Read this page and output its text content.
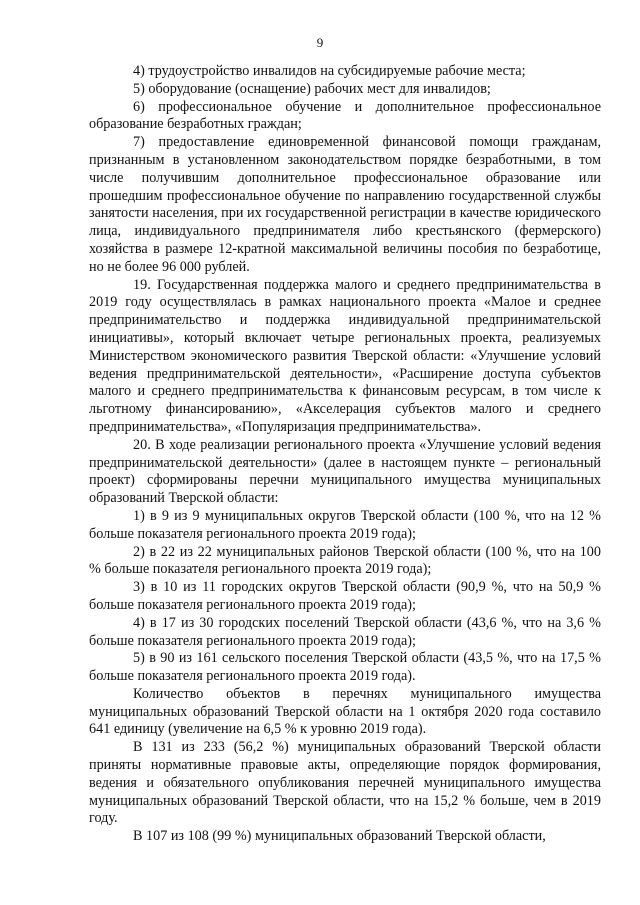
9

4) трудоустройство инвалидов на субсидируемые рабочие места;

5) оборудование (оснащение) рабочих мест для инвалидов;

6) профессиональное обучение и дополнительное профессиональное образование безработных граждан;

7) предоставление единовременной финансовой помощи гражданам, признанным в установленном законодательством порядке безработными, в том числе получившим дополнительное профессиональное образование или прошедшим профессиональное обучение по направлению государственной службы занятости населения, при их государственной регистрации в качестве юридического лица, индивидуального предпринимателя либо крестьянского (фермерского) хозяйства в размере 12-кратной максимальной величины пособия по безработице, но не более 96 000 рублей.

19. Государственная поддержка малого и среднего предпринимательства в 2019 году осуществлялась в рамках национального проекта «Малое и среднее предпринимательство и поддержка индивидуальной предпринимательской инициативы», который включает четыре региональных проекта, реализуемых Министерством экономического развития Тверской области: «Улучшение условий ведения предпринимательской деятельности», «Расширение доступа субъектов малого и среднего предпринимательства к финансовым ресурсам, в том числе к льготному финансированию», «Акселерация субъектов малого и среднего предпринимательства», «Популяризация предпринимательства».

20. В ходе реализации регионального проекта «Улучшение условий ведения предпринимательской деятельности» (далее в настоящем пункте – региональный проект) сформированы перечни муниципального имущества муниципальных образований Тверской области:

1) в 9 из 9 муниципальных округов Тверской области (100 %, что на 12 % больше показателя регионального проекта 2019 года);

2) в 22 из 22 муниципальных районов Тверской области (100 %, что на 100 % больше показателя регионального проекта 2019 года);

3) в 10 из 11 городских округов Тверской области (90,9 %, что на 50,9 % больше показателя регионального проекта 2019 года);

4) в 17 из 30 городских поселений Тверской области (43,6 %, что на 3,6 % больше показателя регионального проекта 2019 года);

5) в 90 из 161 сельского поселения Тверской области (43,5 %, что на 17,5 % больше показателя регионального проекта 2019 года).

Количество объектов в перечнях муниципального имущества муниципальных образований Тверской области на 1 октября 2020 года составило 641 единицу (увеличение на 6,5 % к уровню 2019 года).

В 131 из 233 (56,2 %) муниципальных образований Тверской области приняты нормативные правовые акты, определяющие порядок формирования, ведения и обязательного опубликования перечней муниципального имущества муниципальных образований Тверской области, что на 15,2 % больше, чем в 2019 году.

В 107 из 108 (99 %) муниципальных образований Тверской области,
